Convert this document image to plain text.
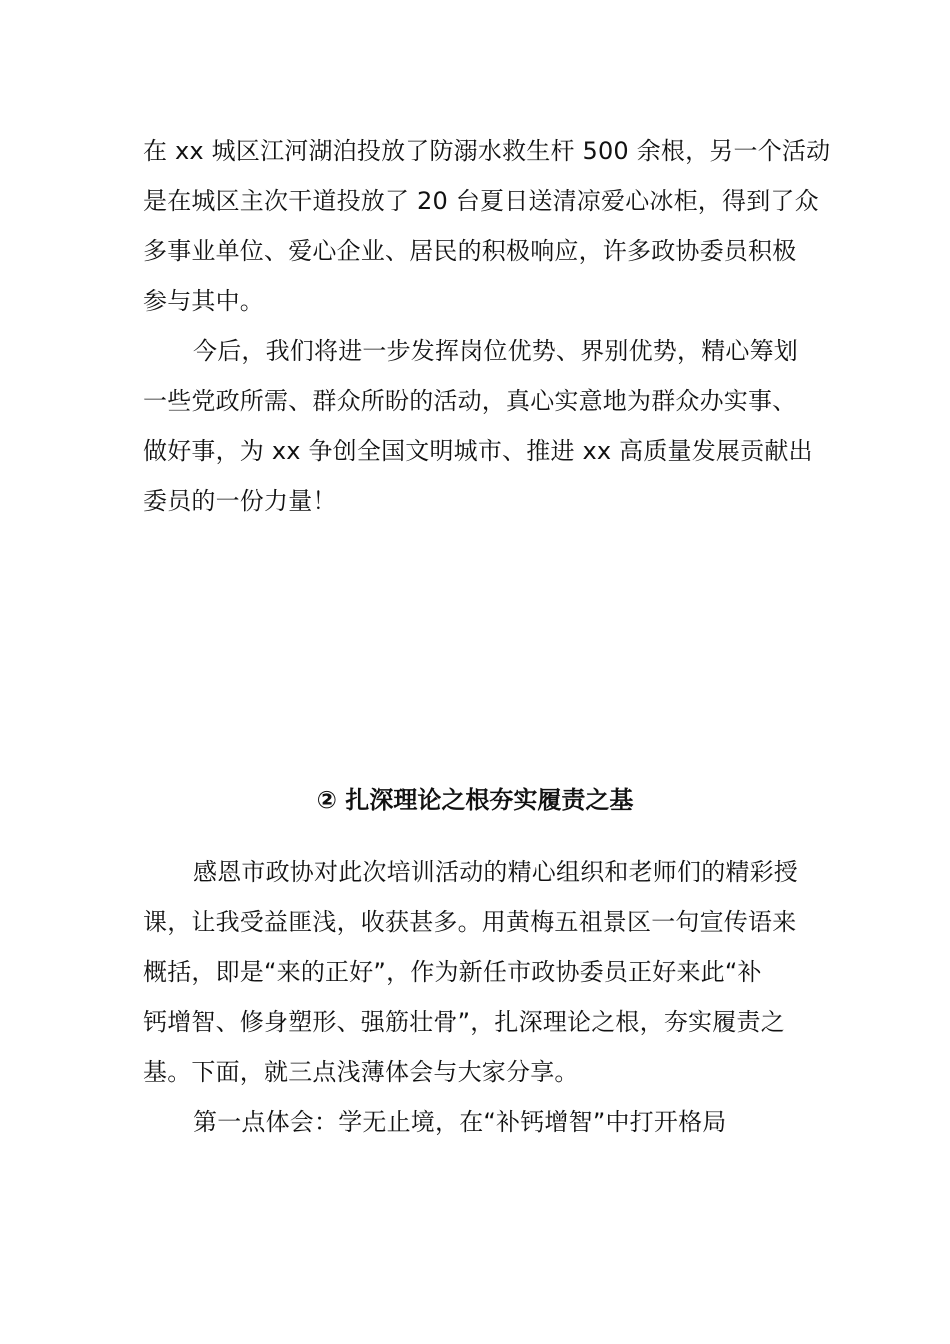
在 xx 城区江河湖泊投放了防溺水救生杆 500 余根，另一个活动
是在城区主次干道投放了 20 台夏日送清凉爱心冰柜，得到了众
多事业单位、爱心企业、居民的积极响应，许多政协委员积极
参与其中。
今后，我们将进一步发挥岗位优势、界别优势，精心筹划
一些党政所需、群众所盼的活动，真心实意地为群众办实事、
做好事，为 xx 争创全国文明城市、推进 xx 高质量发展贡献出
委员的一份力量！
② 扎深理论之根夯实履责之基
感恩市政协对此次培训活动的精心组织和老师们的精彩授
课，让我受益匪浅，收获甚多。用黄梅五祖景区一句宣传语来
概括，即是“来的正好”，作为新任市政协委员正好来此“补
钙增智、修身塑形、强筋壮骨”，扎深理论之根，夯实履责之
基。下面，就三点浅薄体会与大家分享。
第一点体会：学无止境，在“补钙增智”中打开格局
